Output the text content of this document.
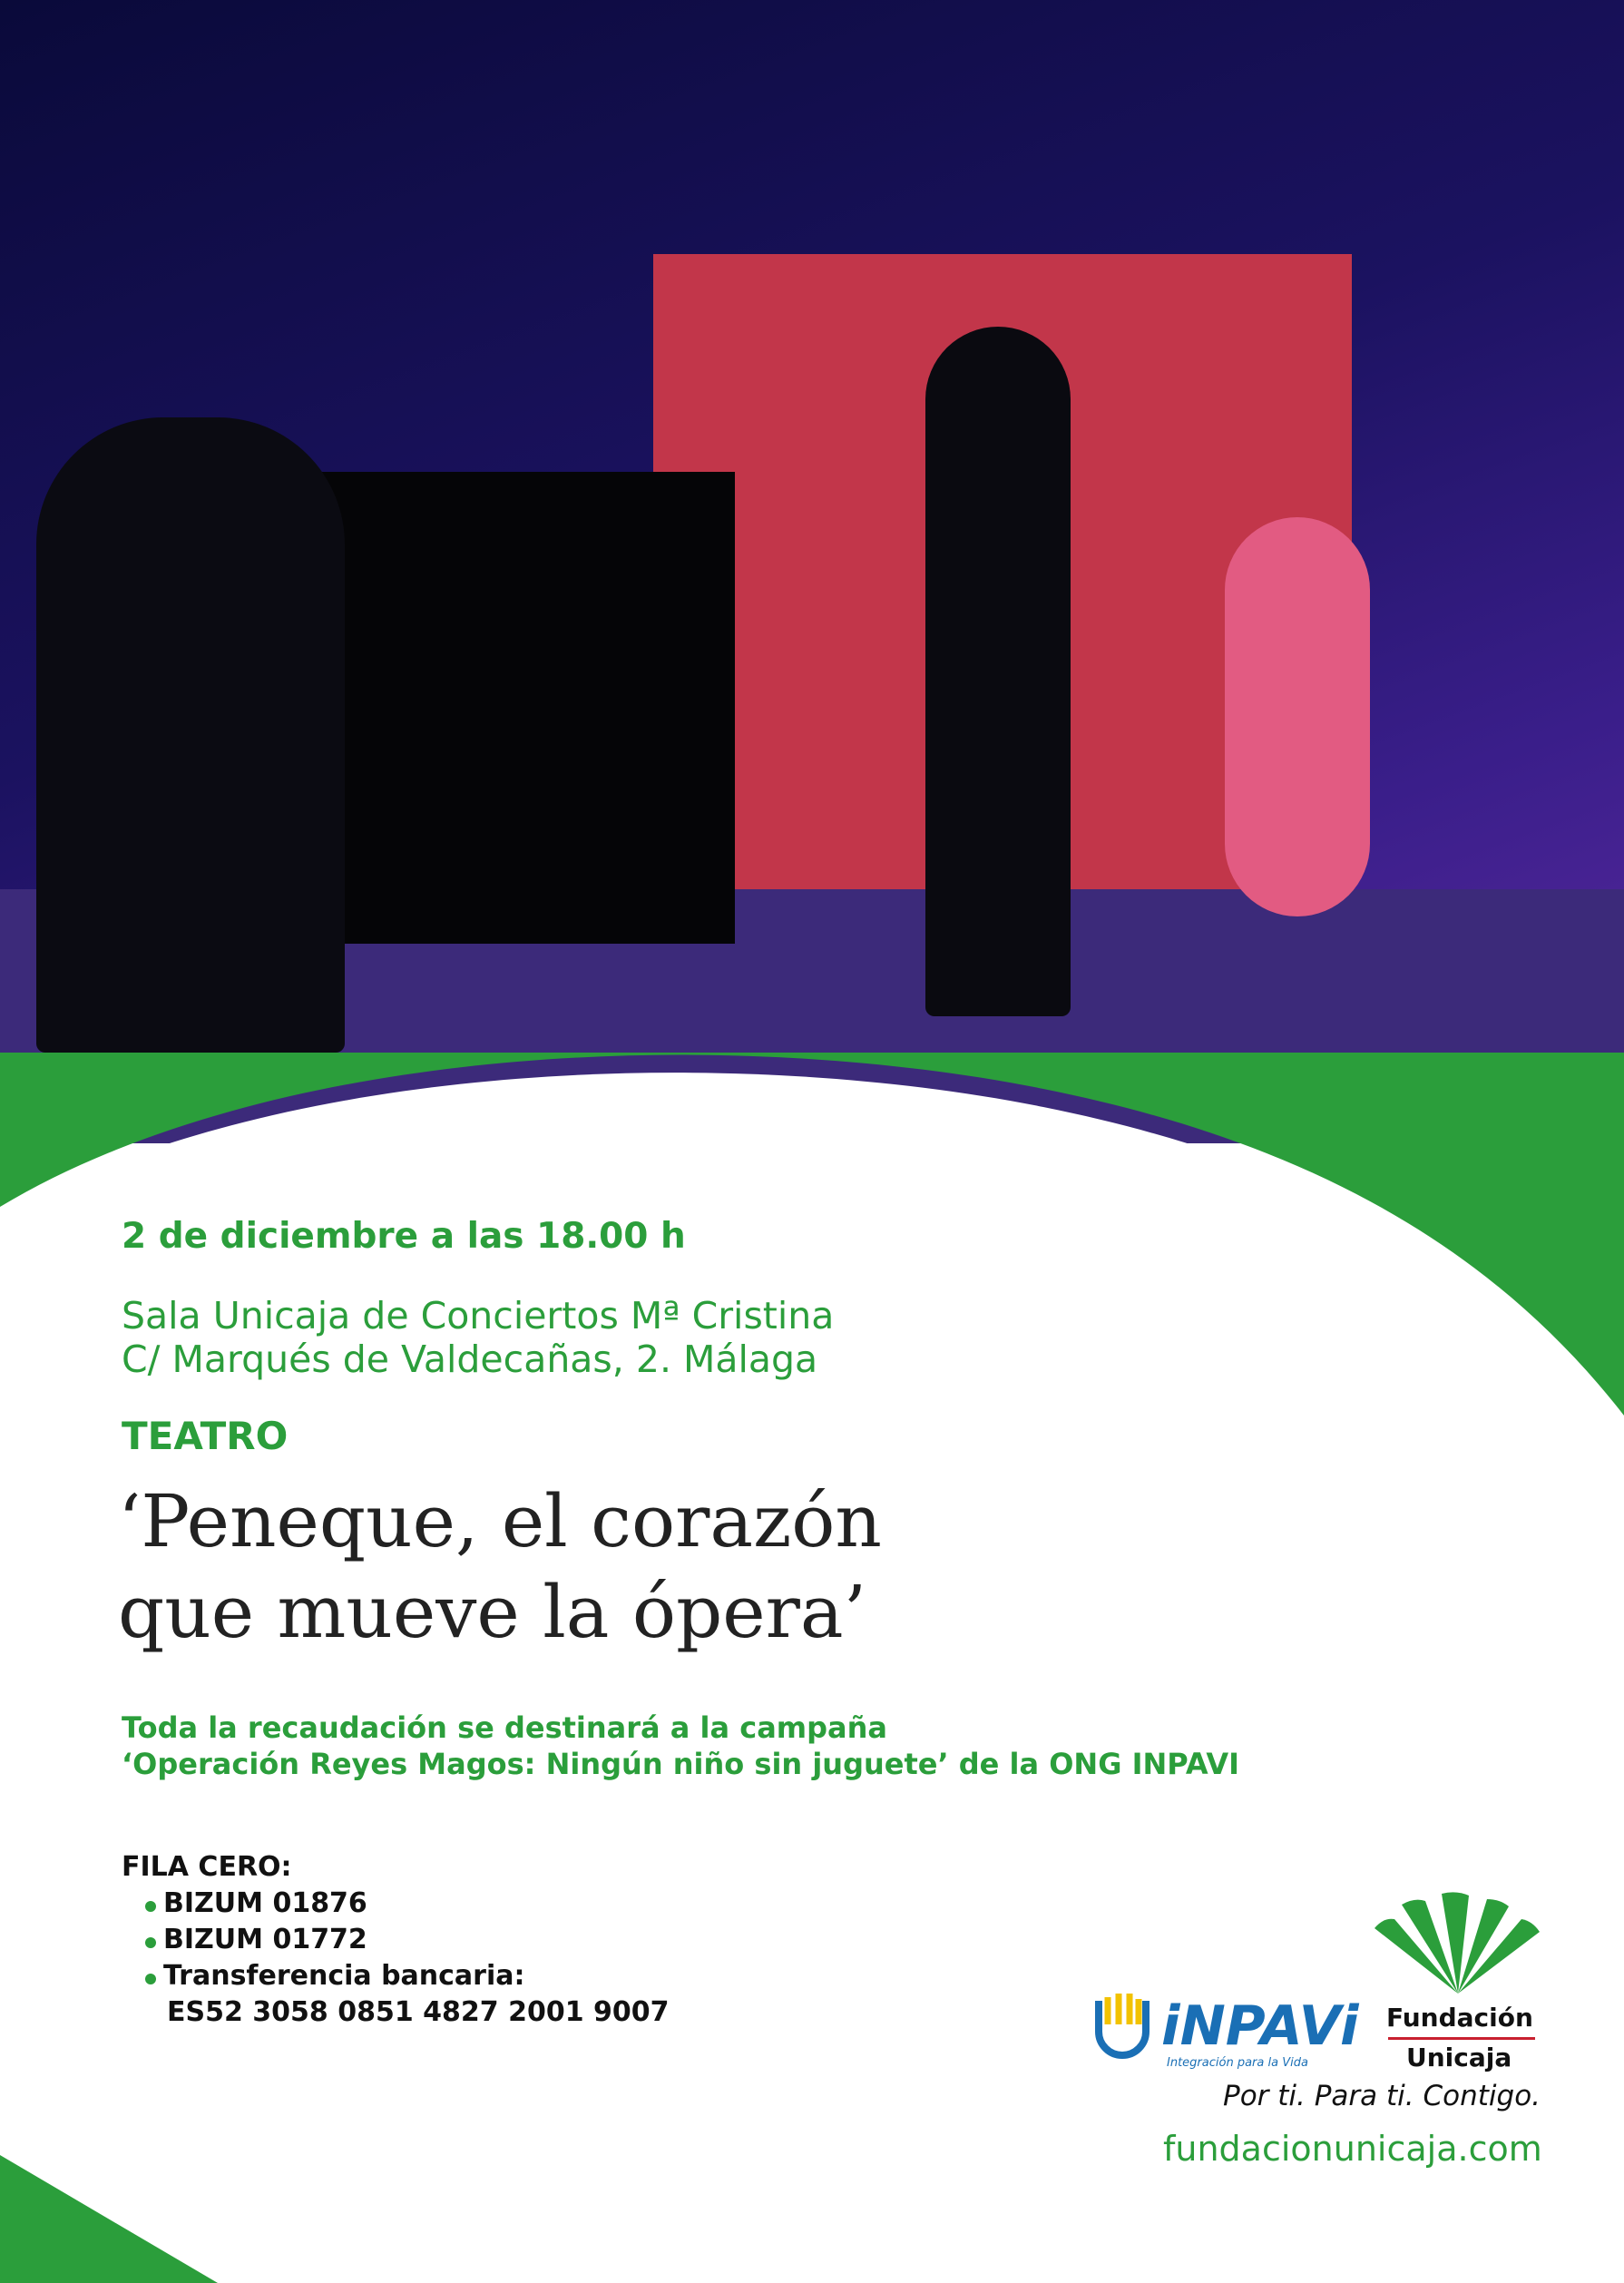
2 de diciembre a las 18.00 h
Sala Unicaja de Conciertos Mª Cristina
C/ Marqués de Valdecañas, 2. Málaga
TEATRO
‘Peneque, el corazón
que mueve la ópera’
Toda la recaudación se destinará a la campaña
‘Operación Reyes Magos: Ningún niño sin juguete’ de la ONG INPAVI
FILA CERO:
BIZUM 01876
BIZUM 01772
Transferencia bancaria:
ES52 3058 0851 4827 2001 9007	iNPAVi
Integración para la Vida
Fundación
Unicaja
Por ti. Para ti. Contigo.
fundacionunicaja.com
